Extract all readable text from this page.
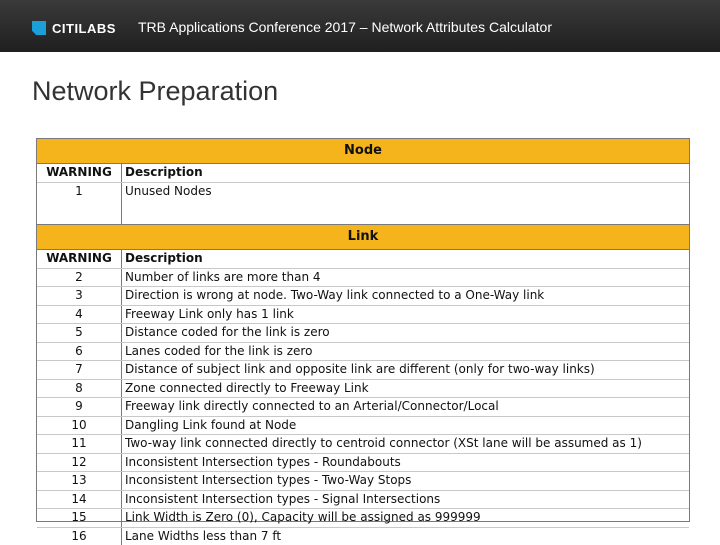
CITILABS TRB Applications Conference 2017 – Network Attributes Calculator
Network Preparation
Node
WARNING	Description
1	Unused Nodes
Link
WARNING	Description
2	Number of links are more than 4
3	Direction is wrong at node. Two-Way link connected to a One-Way link
4	Freeway Link only has 1 link
5	Distance coded for the link is zero
6	Lanes coded for the link is zero
7	Distance of subject link and opposite link are different (only for two-way links)
8	Zone connected directly to Freeway Link
9	Freeway link directly connected to an Arterial/Connector/Local
10	Dangling Link found at Node
11	Two-way link connected directly to centroid connector (XSt lane will be assumed as 1)
12	Inconsistent Intersection types - Roundabouts
13	Inconsistent Intersection types - Two-Way Stops
14	Inconsistent Intersection types - Signal Intersections
15	Link Width is Zero (0), Capacity will be assigned as 999999
16	Lane Widths less than 7 ft
